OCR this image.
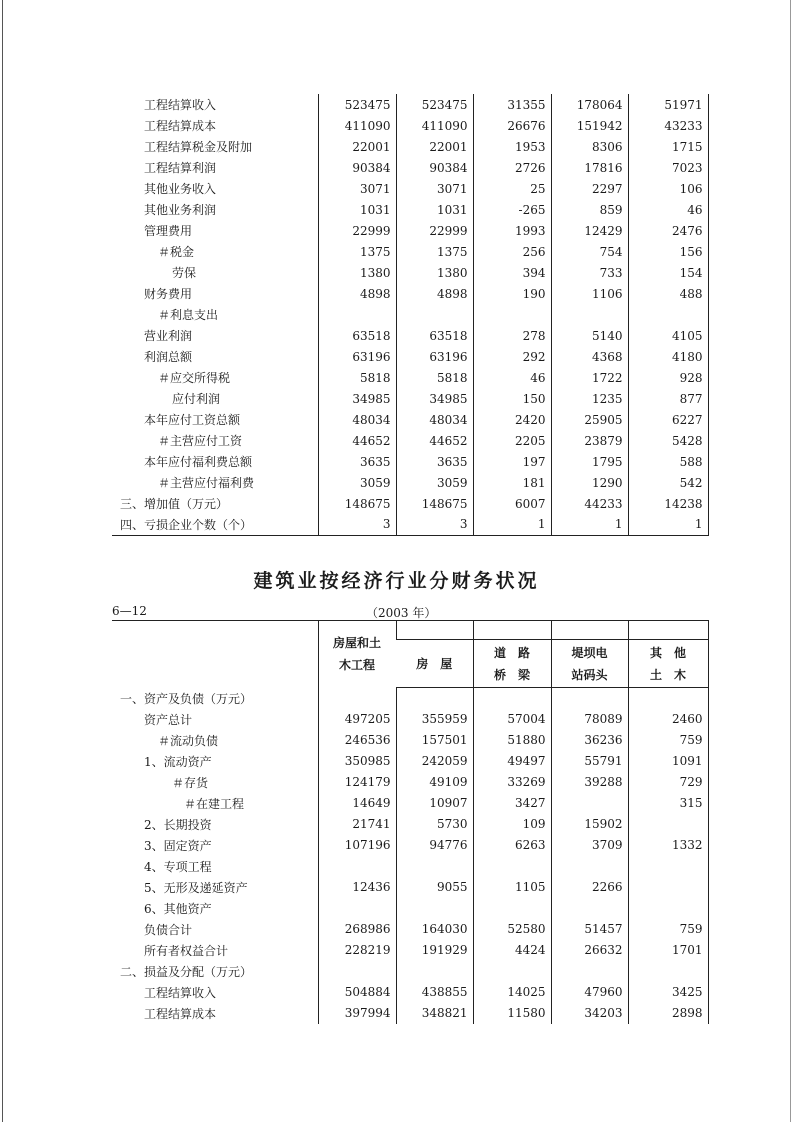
工程结算收入	523475	523475	31355	178064	51971	
工程结算成本	411090	411090	26676	151942	43233	
工程结算税金及附加	22001	22001	1953	8306	1715	
工程结算利润	90384	90384	2726	17816	7023	
其他业务收入	3071	3071	25	2297	106	
其他业务利润	1031	1031	-265	859	46	
管理费用	22999	22999	1993	12429	2476	
＃税金	1375	1375	256	754	156	
劳保	1380	1380	394	733	154	
财务费用	4898	4898	190	1106	488	
＃利息支出						
营业利润	63518	63518	278	5140	4105	
利润总额	63196	63196	292	4368	4180	
＃应交所得税	5818	5818	46	1722	928	
应付利润	34985	34985	150	1235	877	
本年应付工资总额	48034	48034	2420	25905	6227	
＃主营应付工资	44652	44652	2205	23879	5428	
本年应付福利费总额	3635	3635	197	1795	588	
＃主营应付福利费	3059	3059	181	1290	542	
三、增加值（万元）	148675	148675	6007	44233	14238	
四、亏损企业个数（个）	3	3	1	1	1	
建筑业按经济行业分财务状况
6—12	（2003 年）
	房屋和土木工程					
		房　屋	道　路桥　梁	堤坝电站码头	其　他土　木	
一、资产及负债（万元）						
资产总计	497205	355959	57004	78089	2460	
＃流动负债	246536	157501	51880	36236	759	
1、流动资产	350985	242059	49497	55791	1091	
＃存货	124179	49109	33269	39288	729	
＃在建工程	14649	10907	3427		315	
2、长期投资	21741	5730	109	15902		
3、固定资产	107196	94776	6263	3709	1332	
4、专项工程						
5、无形及递延资产	12436	9055	1105	2266		
6、其他资产						
负债合计	268986	164030	52580	51457	759	
所有者权益合计	228219	191929	4424	26632	1701	
二、损益及分配（万元）						
工程结算收入	504884	438855	14025	47960	3425	
工程结算成本	397994	348821	11580	34203	2898	
